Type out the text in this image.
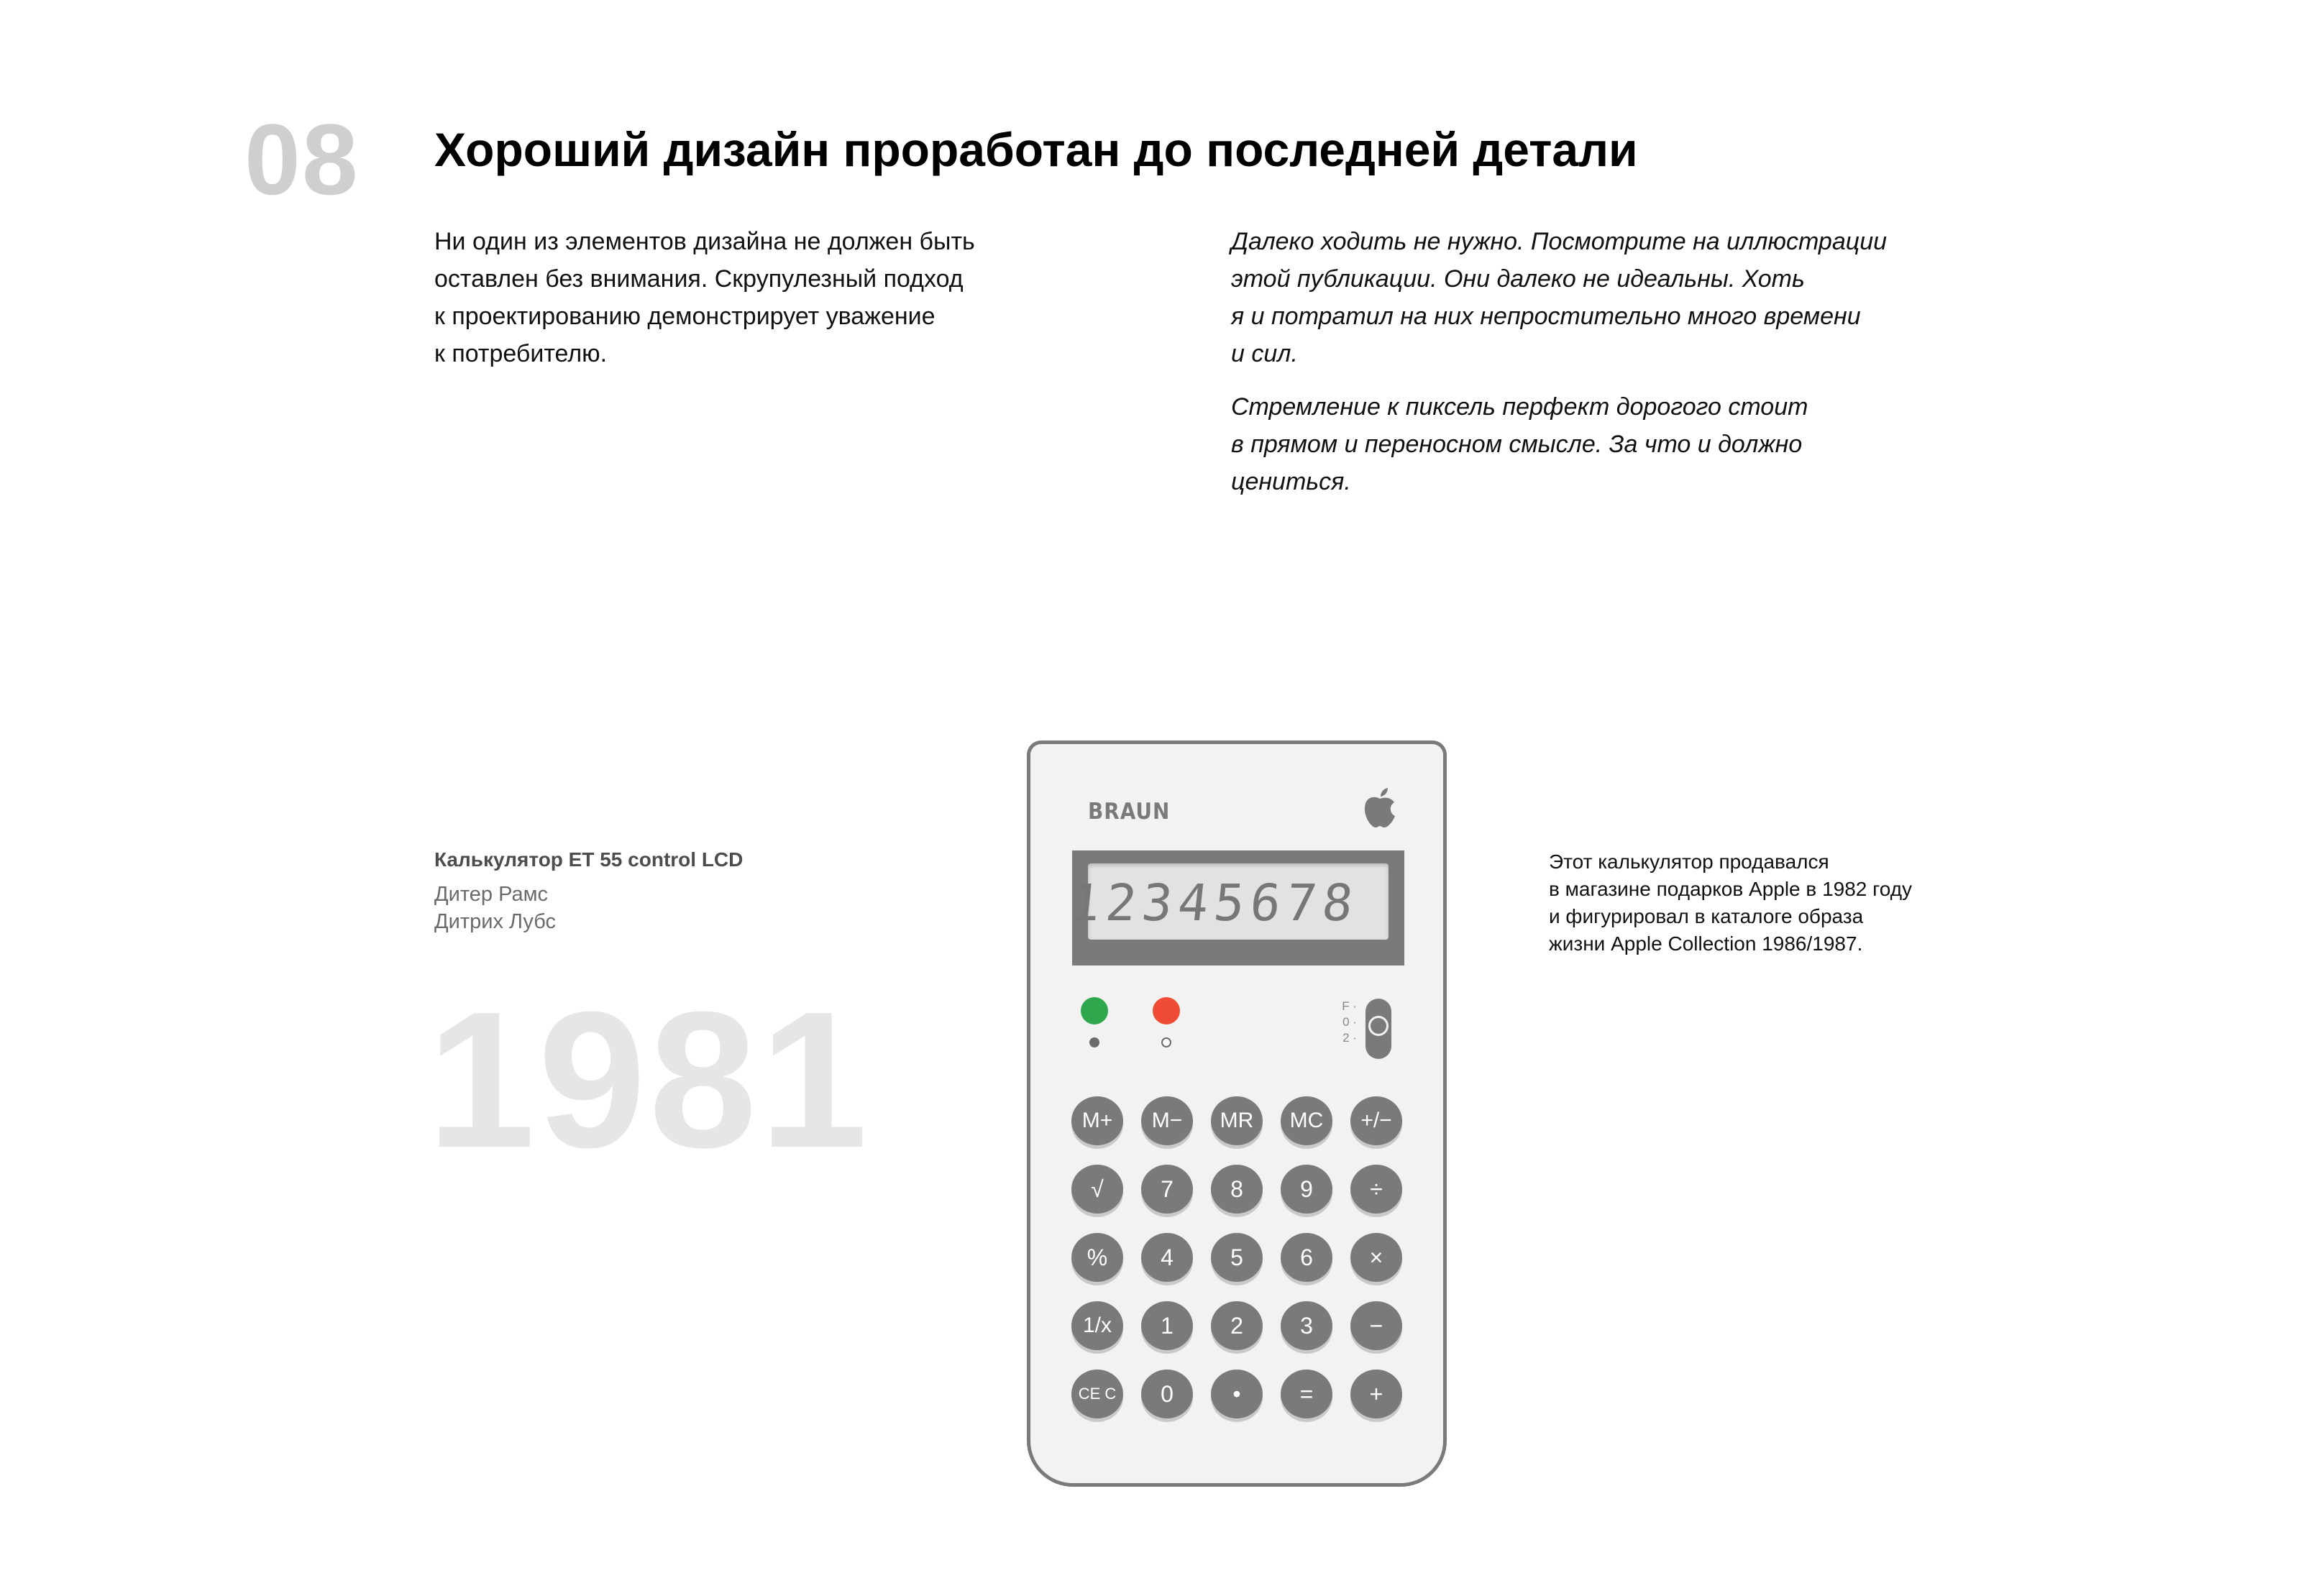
08 Хороший дизайн проработан до последней детали

Ни один из элементов дизайна не должен быть
оставлен без внимания. Скрупулезный подход
к проектированию демонстрирует уважение
к потребителю.

Далеко ходить не нужно. Посмотрите на иллюстрации
этой публикации. Они далеко не идеальны. Хоть
я и потратил на них непростительно много времени
и сил.

Стремление к пиксель перфект дорогого стоит
в прямом и переносном смысле. За что и должно
цениться.

Калькулятор ET 55 control LCD
Дитер Рамс
Дитрих Лубс
1981
Этот калькулятор продавался
в магазине подарков Apple в 1982 году
и фигурировал в каталоге образа
жизни Apple Collection 1986/1987.
BRAUN
12345678
F ·
0 ·
2 ·
M+	M−	MR	MC	+/−
√	7	8	9	÷
%	4	5	6	×
1/x	1	2	3	−
CE C	0	•	=	+
